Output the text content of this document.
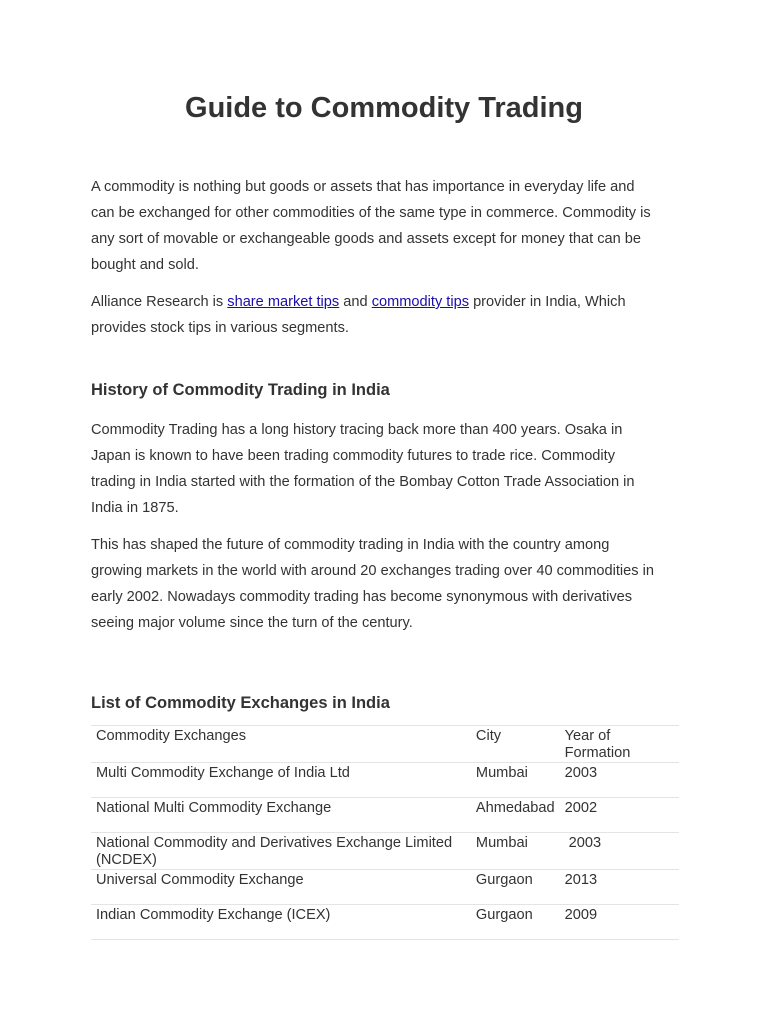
Guide to Commodity Trading

A commodity is nothing but goods or assets that has importance in everyday life and
can be exchanged for other commodities of the same type in commerce. Commodity is
any sort of movable or exchangeable goods and assets except for money that can be
bought and sold.

Alliance Research is share market tips and commodity tips provider in India, Which
provides stock tips in various segments.

History of Commodity Trading in India

Commodity Trading has a long history tracing back more than 400 years. Osaka in
Japan is known to have been trading commodity futures to trade rice. Commodity
trading in India started with the formation of the Bombay Cotton Trade Association in
India in 1875.

This has shaped the future of commodity trading in India with the country among
growing markets in the world with around 20 exchanges trading over 40 commodities in
early 2002. Nowadays commodity trading has become synonymous with derivatives
seeing major volume since the turn of the century.

List of Commodity Exchanges in India
Commodity Exchanges	City	Year of Formation
Multi Commodity Exchange of India Ltd	Mumbai	2003
National Multi Commodity Exchange	Ahmedabad	2002
National Commodity and Derivatives Exchange Limited (NCDEX)	Mumbai	2003
Universal Commodity Exchange	Gurgaon	2013
Indian Commodity Exchange (ICEX)	Gurgaon	2009
